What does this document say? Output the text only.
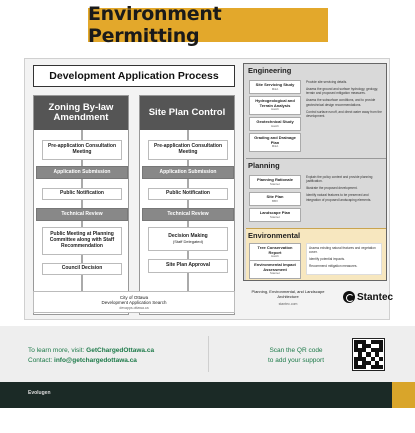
Environment Permitting
Development Application Process
Zoning By-law Amendment
Pre-application Consultation Meeting
Application Submission
Public Notification
Technical Review
Public Meeting at Planning Committee along with Staff Recommendation
Council Decision
Site Plan Control
Pre-application Consultation Meeting
Application Submission
Public Notification
Technical Review
Decision Making
(Staff Delegated)
Site Plan Approval
City of Ottawa
Development Application Search
devapps.ottawa.ca
Engineering
Site Servicing Study
M&A
Hydrogeological and Terrain Analysis
Hatch
Geotechnical Study
Hatch
Grading and Drainage Plan
M&A

Provide site servicing details.

Assess the ground and surface hydrology, geology, terrain and proposed mitigation measures.

Assess the subsurface conditions, and to provide geotechnical design recommendations.

Control surface runoff, and direct water away from the development.

Planning
Planning Rationale
Stantec
Site Plan
BBV
Landscape Plan
Stantec

Explain the policy context and provide planning justification.

Illustrate the proposed development.

Identify natural features to be preserved and integration of proposed landscaping elements.

Environmental
Tree Conservation Report
Hatch
Environmental Impact Assessment
Stantec

Assess existing natural features and vegetation cover.

Identify potential impacts.

Recommend mitigation measures.

Planning, Environmental, and Landscape Architecture
stantec.com
Stantec
To learn more, visit: GetChargedOttawa.ca
Contact: info@getchargedottawa.ca
Scan the QR code
to add your support
Evolugen
